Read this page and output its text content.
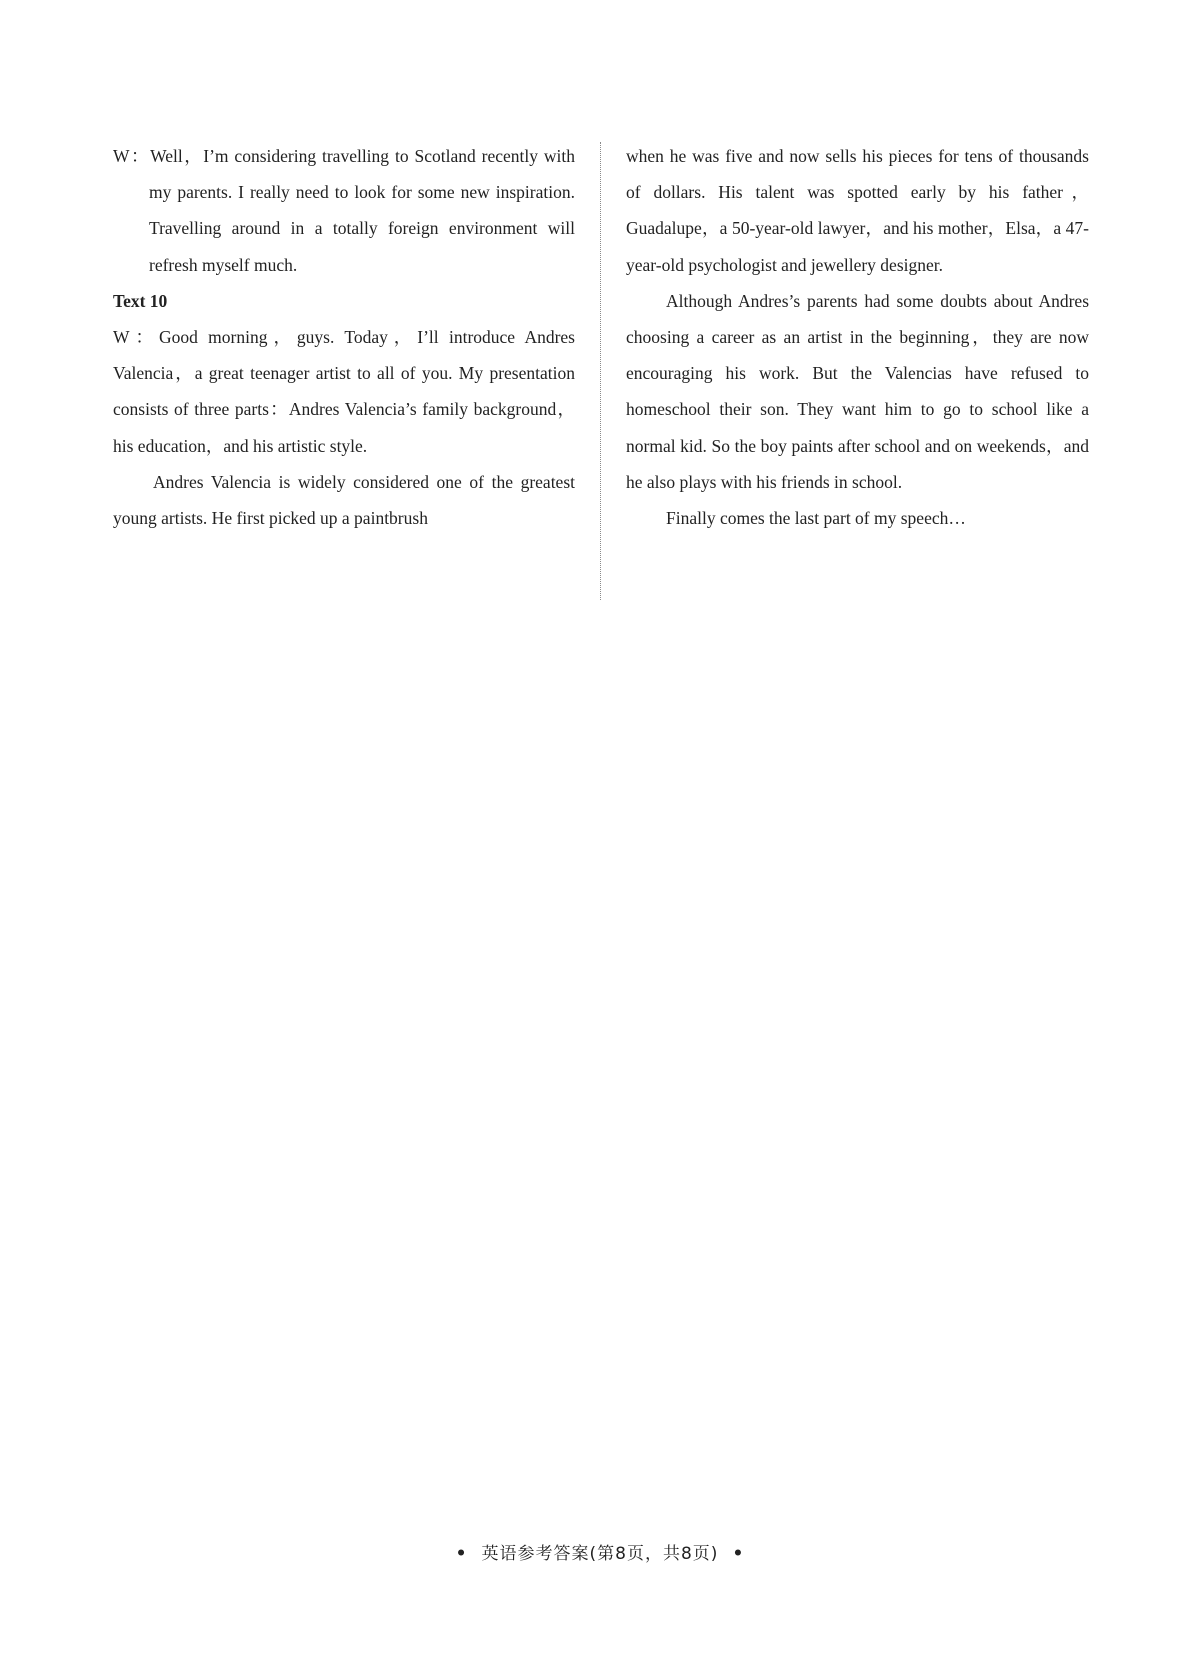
W：Well，I’m considering travelling to Scotland recently with my parents. I really need to look for some new inspiration. Travelling around in a totally foreign environment will refresh myself much.

Text 10

W：Good morning，guys. Today，I’ll introduce Andres Valencia，a great teenager artist to all of you. My presentation consists of three parts：Andres Valencia’s family background，his education，and his artistic style.

Andres Valencia is widely considered one of the greatest young artists. He first picked up a paintbrush

when he was five and now sells his pieces for tens of thousands of dollars. His talent was spotted early by his father，Guadalupe，a 50-year-old lawyer，and his mother，Elsa，a 47-year-old psychologist and jewellery designer.

Although Andres’s parents had some doubts about Andres choosing a career as an artist in the beginning，they are now encouraging his work. But the Valencias have refused to homeschool their son. They want him to go to school like a normal kid. So the boy paints after school and on weekends，and he also plays with his friends in school.

Finally comes the last part of my speech…

• 英语参考答案(第8页，共8页) •
